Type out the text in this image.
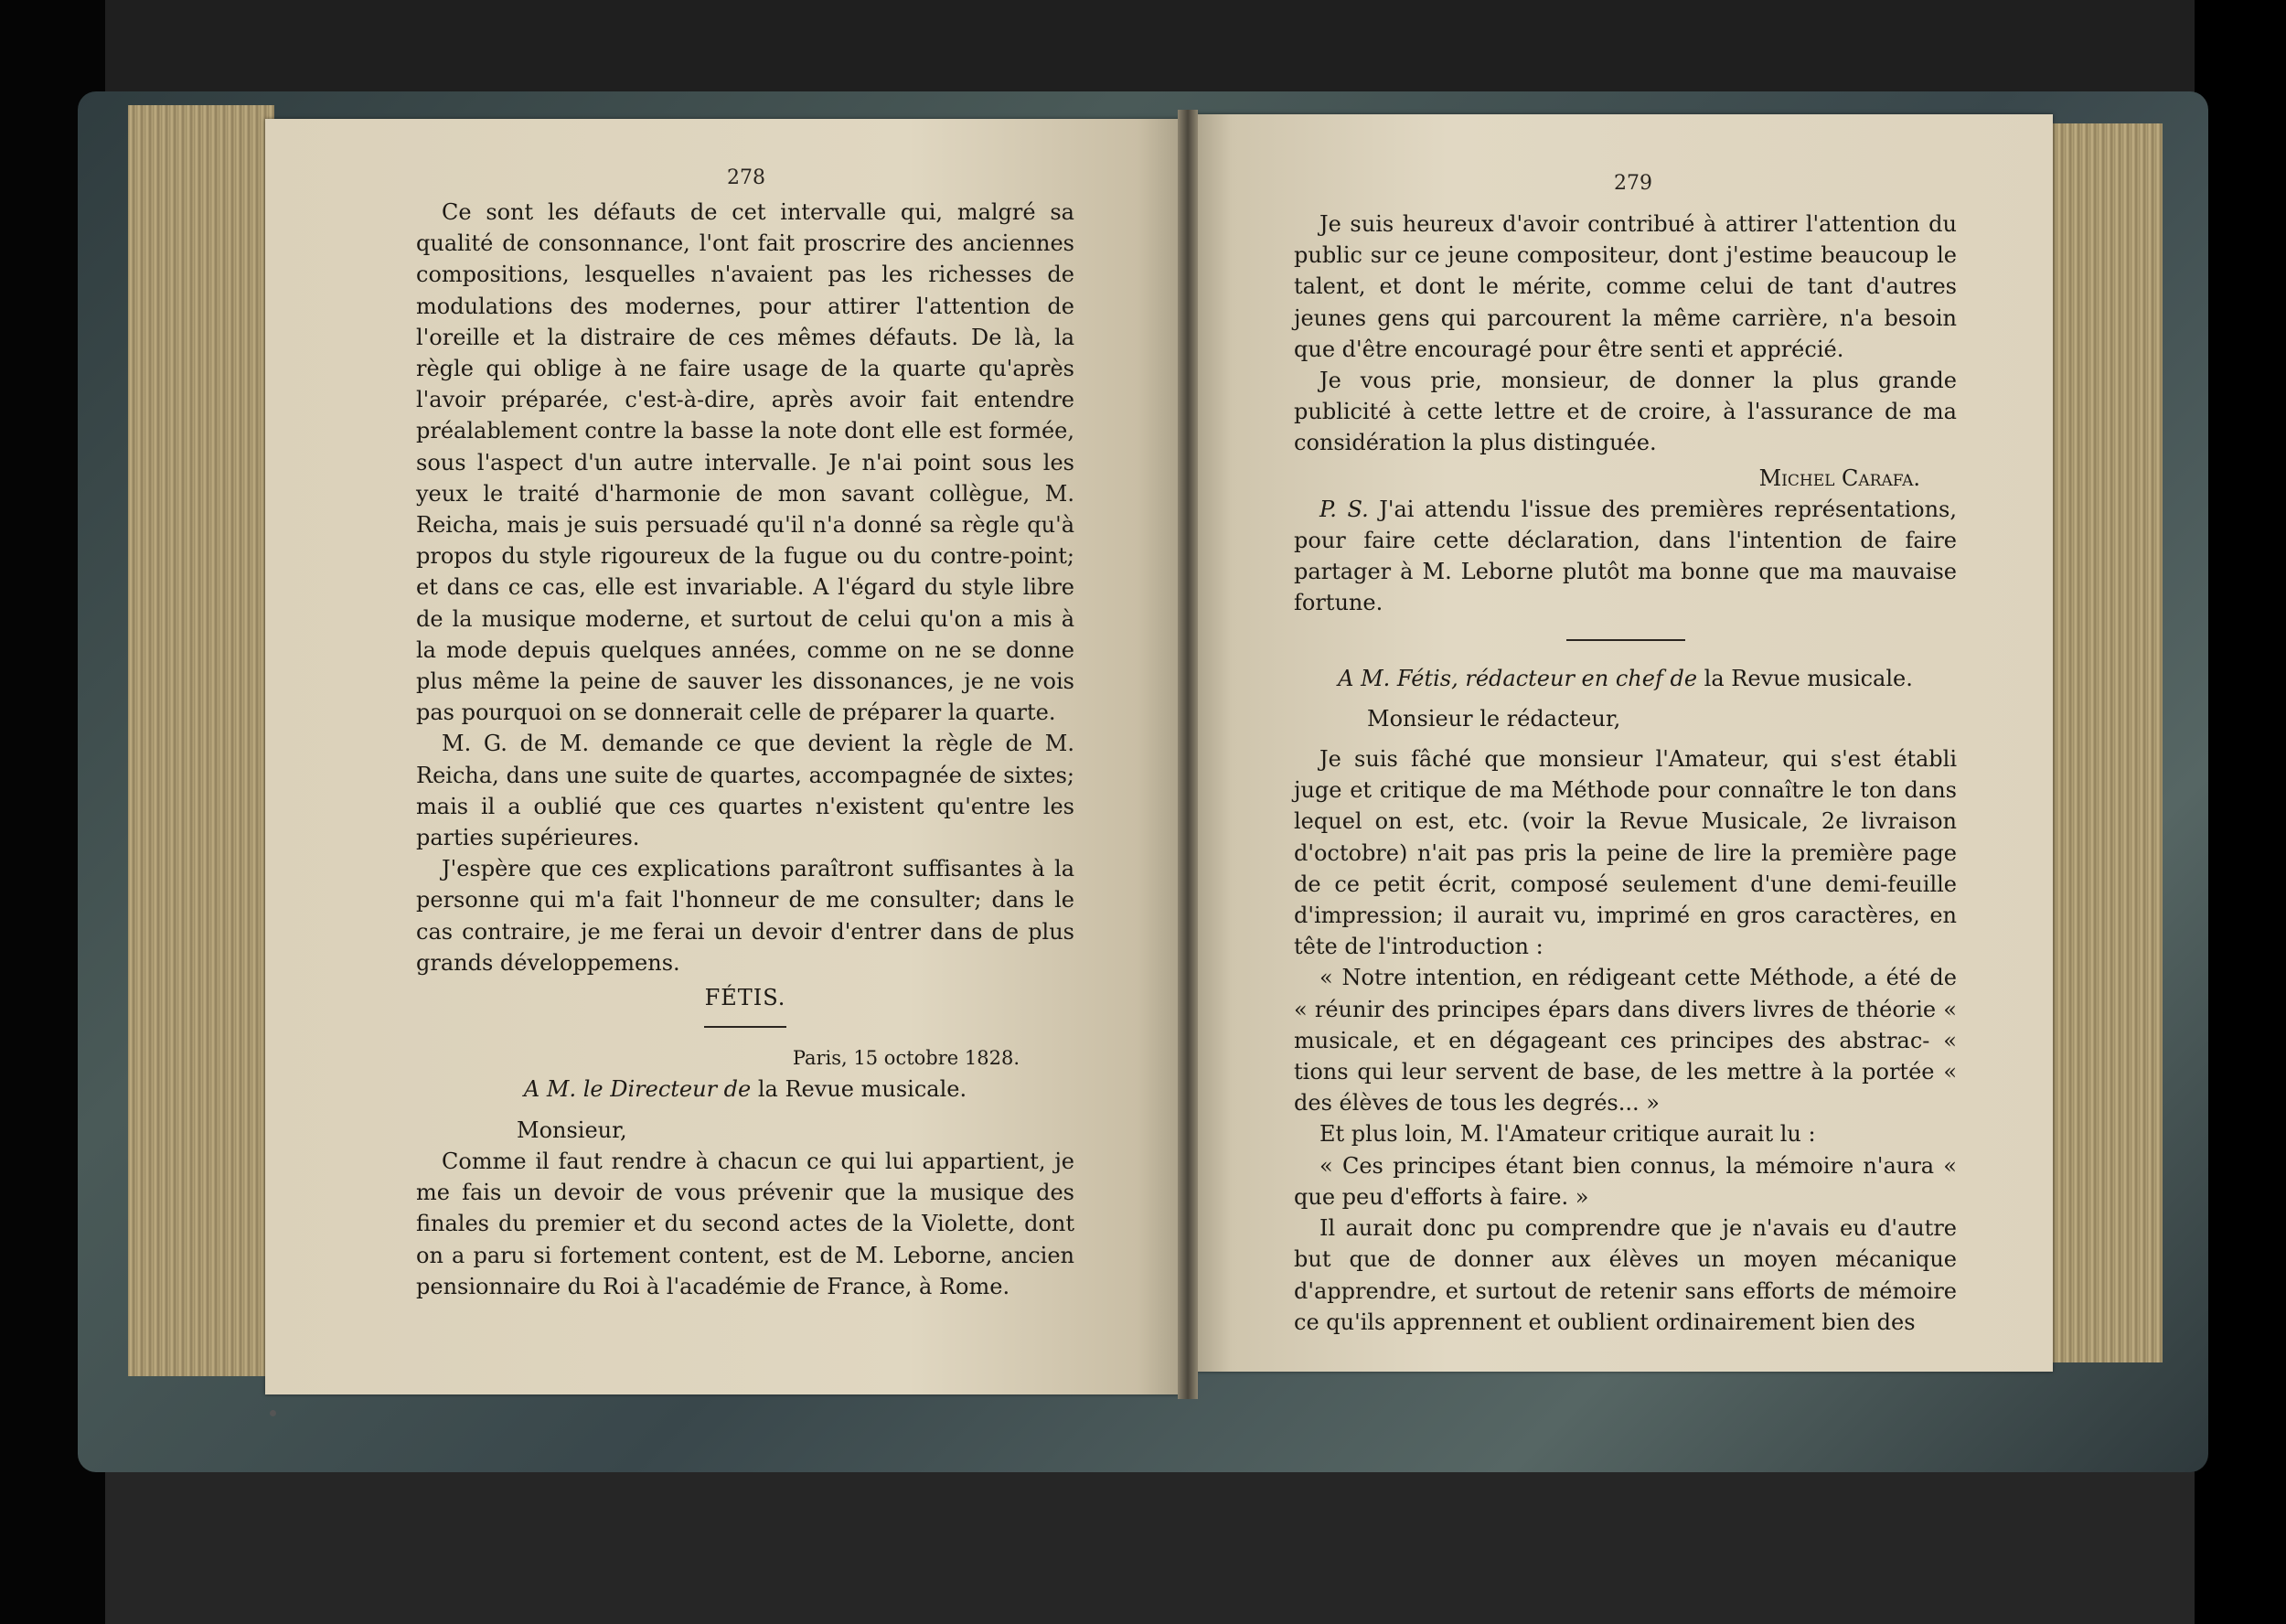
278	279

Ce sont les défauts de cet intervalle qui, malgré sa qualité de consonnance, l'ont fait proscrire des anciennes compositions, lesquelles n'avaient pas les richesses de modulations des modernes, pour attirer l'attention de l'oreille et la distraire de ces mêmes défauts. De là, la règle qui oblige à ne faire usage de la quarte qu'après l'avoir préparée, c'est-à-dire, après avoir fait entendre préalablement contre la basse la note dont elle est formée, sous l'aspect d'un autre intervalle. Je n'ai point sous les yeux le traité d'harmonie de mon savant collègue, M. Reicha, mais je suis persuadé qu'il n'a donné sa règle qu'à propos du style rigoureux de la fugue ou du contre-point; et dans ce cas, elle est invariable. A l'égard du style libre de la musique moderne, et surtout de celui qu'on a mis à la mode depuis quelques années, comme on ne se donne plus même la peine de sauver les dissonances, je ne vois pas pourquoi on se donnerait celle de préparer la quarte.

M. G. de M. demande ce que devient la règle de M. Reicha, dans une suite de quartes, accompagnée de sixtes; mais il a oublié que ces quartes n'existent qu'entre les parties supérieures.

J'espère que ces explications paraîtront suffisantes à la personne qui m'a fait l'honneur de me consulter; dans le cas contraire, je me ferai un devoir d'entrer dans de plus grands développemens.

FÉTIS.

Paris, 15 octobre 1828.

A M. le Directeur de la Revue musicale.

Monsieur,

Comme il faut rendre à chacun ce qui lui appartient, je me fais un devoir de vous prévenir que la musique des finales du premier et du second actes de la Violette, dont on a paru si fortement content, est de M. Leborne, ancien pensionnaire du Roi à l'académie de France, à Rome.

Je suis heureux d'avoir contribué à attirer l'attention du public sur ce jeune compositeur, dont j'estime beaucoup le talent, et dont le mérite, comme celui de tant d'autres jeunes gens qui parcourent la même carrière, n'a besoin que d'être encouragé pour être senti et apprécié.

Je vous prie, monsieur, de donner la plus grande publicité à cette lettre et de croire, à l'assurance de ma considération la plus distinguée.

Michel Carafa.

P. S. J'ai attendu l'issue des premières représentations, pour faire cette déclaration, dans l'intention de faire partager à M. Leborne plutôt ma bonne que ma mauvaise fortune.

A M. Fétis, rédacteur en chef de la Revue musicale.

Monsieur le rédacteur,

Je suis fâché que monsieur l'Amateur, qui s'est établi juge et critique de ma Méthode pour connaître le ton dans lequel on est, etc. (voir la Revue Musicale, 2e livraison d'octobre) n'ait pas pris la peine de lire la première page de ce petit écrit, composé seulement d'une demi-feuille d'impression; il aurait vu, imprimé en gros caractères, en tête de l'introduction :

« Notre intention, en rédigeant cette Méthode, a été de « réunir des principes épars dans divers livres de théorie « musicale, et en dégageant ces principes des abstrac- « tions qui leur servent de base, de les mettre à la portée « des élèves de tous les degrés... »

Et plus loin, M. l'Amateur critique aurait lu :

« Ces principes étant bien connus, la mémoire n'aura « que peu d'efforts à faire. »

Il aurait donc pu comprendre que je n'avais eu d'autre but que de donner aux élèves un moyen mécanique d'apprendre, et surtout de retenir sans efforts de mémoire ce qu'ils apprennent et oublient ordinairement bien des
